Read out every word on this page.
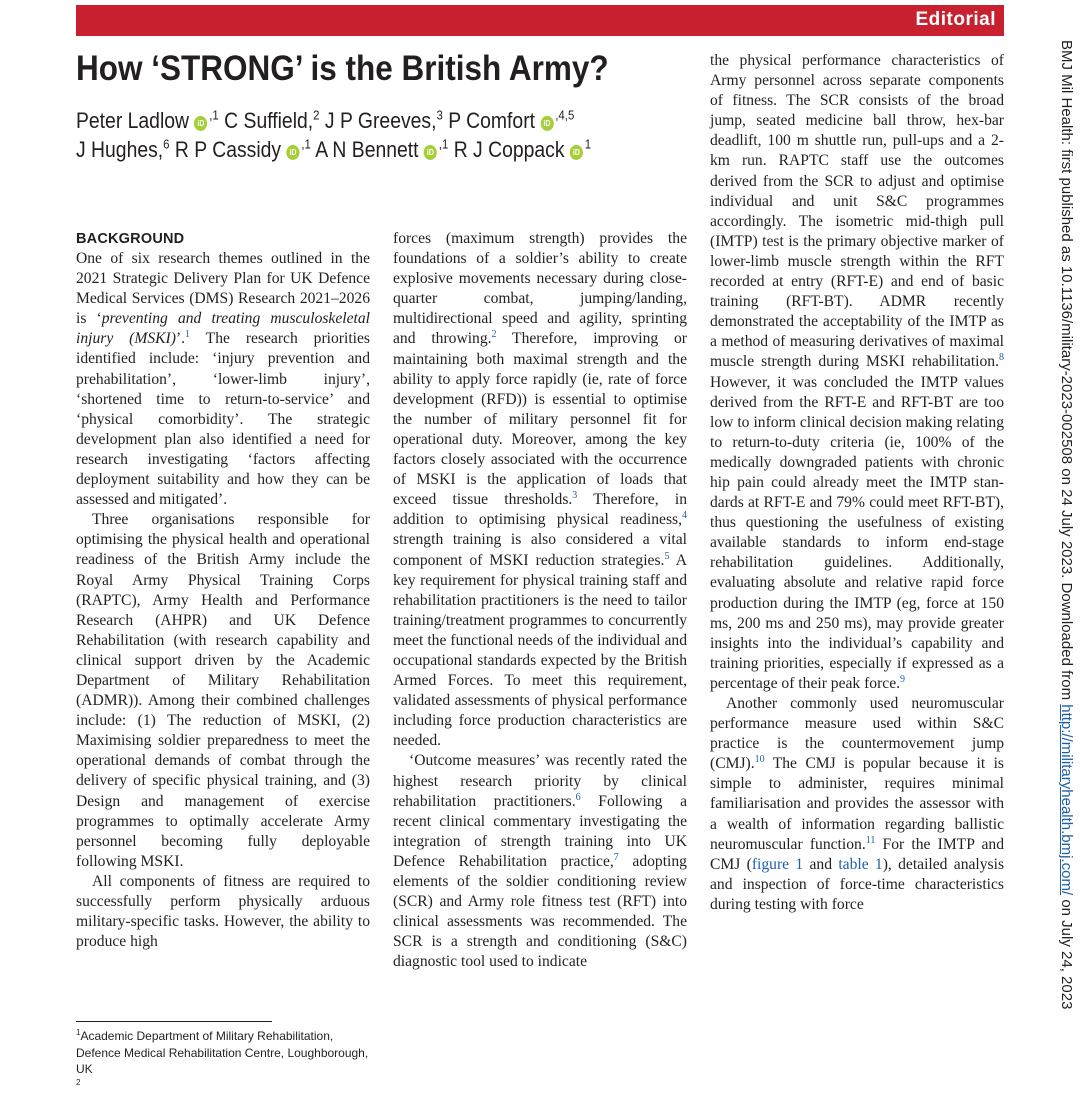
Editorial
How ‘STRONG’ is the British Army?
Peter Ladlow $iD^{,1}$ C Suffield,$^2$ J P Greeves,$^3$ P Comfort $iD^{,4,5}$
J Hughes,$^6$ R P Cassidy $iD^{,1}$ A N Bennett $iD^{,1}$ R J Coppack $iD^1$
BACKGROUND

One of six research themes outlined in the 2021 Strategic Delivery Plan for UK Defence Medical Services (DMS) Research 2021–2026 is ‘preventing and treating musculoskeletal injury (MSKI)’.$^1$ The research priorities identified include: ‘injury prevention and prehabilitation’, ‘lower-limb injury’, ‘shortened time to return-to-service’ and ‘physical comorbidity’. The strategic development plan also identified a need for research investigating ‘factors affecting deployment suitability and how they can be assessed and mitigated’.

Three organisations responsible for optimising the physical health and operational readiness of the British Army include the Royal Army Physical Training Corps (RAPTC), Army Health and Performance Research (AHPR) and UK Defence Rehabilitation (with research capability and clinical support driven by the Academic Department of Military Rehabilitation (ADMR)). Among their combined challenges include: (1) The reduction of MSKI, (2) Maximising soldier preparedness to meet the operational demands of combat through the delivery of specific physical training, and (3) Design and management of exercise programmes to optimally accelerate Army personnel becoming fully deployable following MSKI.

All components of fitness are required to successfully perform physically arduous military-specific tasks. However, the ability to produce high

forces (maximum strength) provides the foundations of a soldier’s ability to create explosive movements necessary during close-quarter combat, jumping/​landing, multidirectional speed and agility, sprinting and throwing.$^2$ Therefore, improving or maintaining both maximal strength and the ability to apply force rapidly (ie, rate of force development (RFD)) is essential to optimise the number of military personnel fit for operational duty. Moreover, among the key factors closely associated with the occurrence of MSKI is the application of loads that exceed tissue thresholds.$^3$ Therefore, in addition to optimising physical readiness,$^4$ strength training is also considered a vital component of MSKI reduction strategies.$^5$ A key requirement for physical training staff and rehabilitation practitioners is the need to tailor training/​treatment programmes to concurrently meet the functional needs of the individual and occupational standards expected by the British Armed Forces. To meet this requirement, validated assessments of physical performance including force production characteristics are needed.

‘Outcome measures’ was recently rated the highest research priority by clinical rehabilitation practitioners.$^6$ Following a recent clinical commentary investigating the integration of strength training into UK Defence Rehabilitation practice,$^7$ adopting elements of the soldier conditioning review (SCR) and Army role fitness test (RFT) into clinical assessments was recommended. The SCR is a strength and conditioning (S&C) diagnostic tool used to indicate

the physical performance characteristics of Army personnel across separate components of fitness. The SCR consists of the broad jump, seated medicine ball throw, hex-bar deadlift, 100 m shuttle run, pull-ups and a 2-km run. RAPTC staff use the outcomes derived from the SCR to adjust and optimise individual and unit S&C programmes accordingly. The isometric mid-thigh pull (IMTP) test is the primary objective marker of lower-limb muscle strength within the RFT recorded at entry (RFT-E) and end of basic training (RFT-BT). ADMR recently demonstrated the acceptability of the IMTP as a method of measuring derivatives of maximal muscle strength during MSKI rehabilitation.$^8$ However, it was concluded the IMTP values derived from the RFT-E and RFT-BT are too low to inform clinical decision making relating to return-to-duty criteria (ie, 100% of the medically downgraded patients with chronic hip pain could already meet the IMTP standards at RFT-E and 79% could meet RFT-BT), thus questioning the usefulness of existing available standards to inform end-stage rehabilitation guidelines. Additionally, evaluating absolute and relative rapid force production during the IMTP (eg, force at 150 ms, 200 ms and 250 ms), may provide greater insights into the individual’s capability and training priorities, especially if expressed as a percentage of their peak force.$^9$

Another commonly used neuromuscular performance measure used within S&C practice is the countermovement jump (CMJ).$^{10}$ The CMJ is popular because it is simple to administer, requires minimal familiarisation and provides the assessor with a wealth of information regarding ballistic neuromuscular function.$^{11}$ For the IMTP and CMJ (figure 1 and table 1), detailed analysis and inspection of force-time characteristics during testing with force

$^1$Academic Department of Military Rehabilitation, Defence Medical Rehabilitation Centre, Loughborough, UK
$^2$

BMJ Mil Health: first published as 10.1136/military-2023-002508 on 24 July 2023. Downloaded from http://militaryhealth.bmj.com/ on July 24, 2023
